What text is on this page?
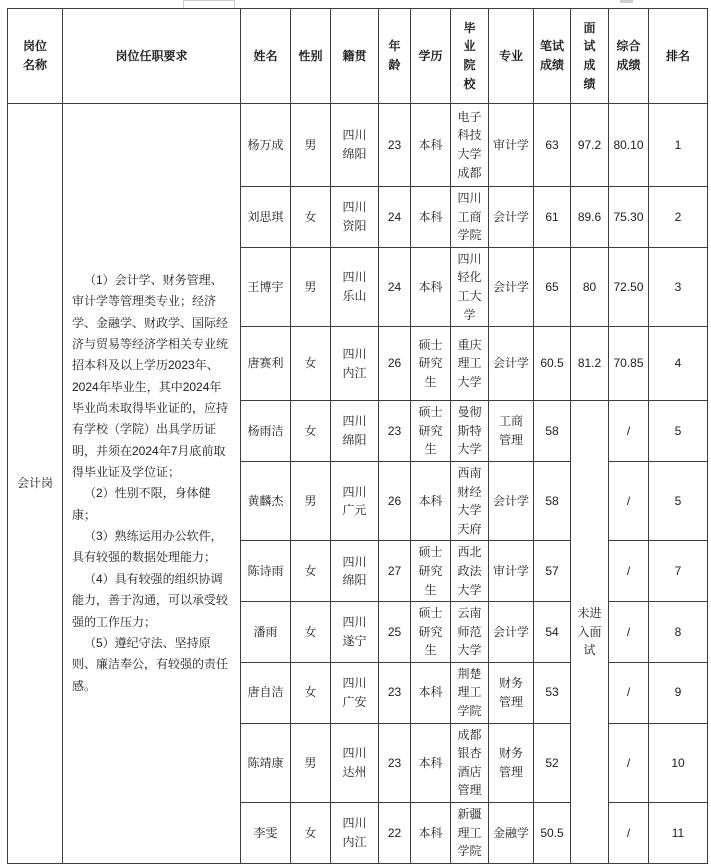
岗位名称	岗位任职要求	姓名	性别	籍贯	年龄	学历	毕业院校	专业	笔试成绩	面试成绩	综合成绩	排名
会计岗	（1）会计学、财务管理、审计学等管理类专业；经济学、金融学、财政学、国际经济与贸易等经济学相关专业统招本科及以上学历2023年、2024年毕业生，其中2024年毕业尚未取得毕业证的，应持有学校（学院）出具学历证明，并须在2024年7月底前取得毕业证及学位证；

（2）性别不限，身体健康；

（3）熟练运用办公软件，具有较强的数据处理能力；

（4）具有较强的组织协调能力，善于沟通，可以承受较强的工作压力；

（5）遵纪守法、坚持原则、廉洁奉公，有较强的责任感。	杨万成	男	四川绵阳	23	本科	电子科技大学成都	审计学	63	97.2	80.10	1
		刘思琪	女	四川资阳	24	本科	四川工商学院	会计学	61	89.6	75.30	2
		王博宇	男	四川乐山	24	本科	四川轻化工大学	会计学	65	80	72.50	3
		唐赛利	女	四川内江	26	硕士研究生	重庆理工大学	会计学	60.5	81.2	70.85	4
		杨雨洁	女	四川绵阳	23	硕士研究生	曼彻斯特大学	工商管理	58	未进入面试	/	5
		黄麟杰	男	四川广元	26	本科	西南财经大学天府	会计学	58		/	5
		陈诗雨	女	四川绵阳	27	硕士研究生	西北政法大学	审计学	57		/	7
		潘雨	女	四川遂宁	25	硕士研究生	云南师范大学	会计学	54		/	8
		唐自洁	女	四川广安	23	本科	荆楚理工学院	财务管理	53		/	9
		陈靖康	男	四川达州	23	本科	成都银杏酒店管理	财务管理	52		/	10
		李雯	女	四川内江	22	本科	新疆理工学院	金融学	50.5		/	11
